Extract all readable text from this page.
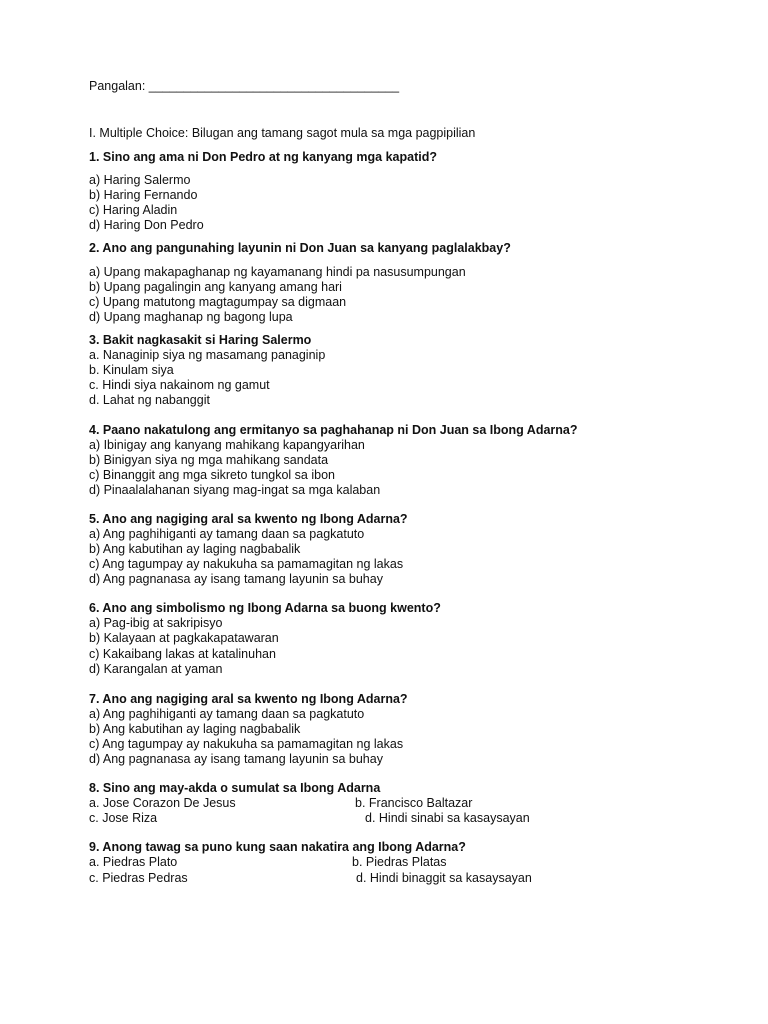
Pangalan: ____________________________________
I. Multiple Choice: Bilugan ang tamang sagot mula sa mga pagpipilian
1. Sino ang ama ni Don Pedro at ng kanyang mga kapatid?
a) Haring Salermo
b) Haring Fernando
c) Haring Aladin
d) Haring Don Pedro
2. Ano ang pangunahing layunin ni Don Juan sa kanyang paglalakbay?
a) Upang makapaghanap ng kayamanang hindi pa nasusumpungan
b) Upang pagalingin ang kanyang amang hari
c) Upang matutong magtagumpay sa digmaan
d) Upang maghanap ng bagong lupa
3. Bakit nagkasakit si Haring Salermo
a. Nanaginip siya ng masamang panaginip
b. Kinulam siya
c. Hindi siya nakainom ng gamut
d. Lahat ng nabanggit
4. Paano nakatulong ang ermitanyo sa paghahanap ni Don Juan sa Ibong Adarna?
a) Ibinigay ang kanyang mahikang kapangyarihan
b) Binigyan siya ng mga mahikang sandata
c) Binanggit ang mga sikreto tungkol sa ibon
d) Pinaalalahanan siyang mag-ingat sa mga kalaban
5. Ano ang nagiging aral sa kwento ng Ibong Adarna?
a) Ang paghihiganti ay tamang daan sa pagkatuto
b) Ang kabutihan ay laging nagbabalik
c) Ang tagumpay ay nakukuha sa pamamagitan ng lakas
d) Ang pagnanasa ay isang tamang layunin sa buhay
6. Ano ang simbolismo ng Ibong Adarna sa buong kwento?
a) Pag-ibig at sakripisyo
b) Kalayaan at pagkakapatawaran
c) Kakaibang lakas at katalinuhan
d) Karangalan at yaman
7. Ano ang nagiging aral sa kwento ng Ibong Adarna?
a) Ang paghihiganti ay tamang daan sa pagkatuto
b) Ang kabutihan ay laging nagbabalik
c) Ang tagumpay ay nakukuha sa pamamagitan ng lakas
d) Ang pagnanasa ay isang tamang layunin sa buhay
8. Sino ang may-akda o sumulat sa Ibong Adarna
a. Jose Corazon De Jesus	b. Francisco Baltazar
c. Jose Riza	d. Hindi sinabi sa kasaysayan
9. Anong tawag sa puno kung saan nakatira ang Ibong Adarna?
a. Piedras Plato	b. Piedras Platas
c. Piedras Pedras	d. Hindi binaggit sa kasaysayan
